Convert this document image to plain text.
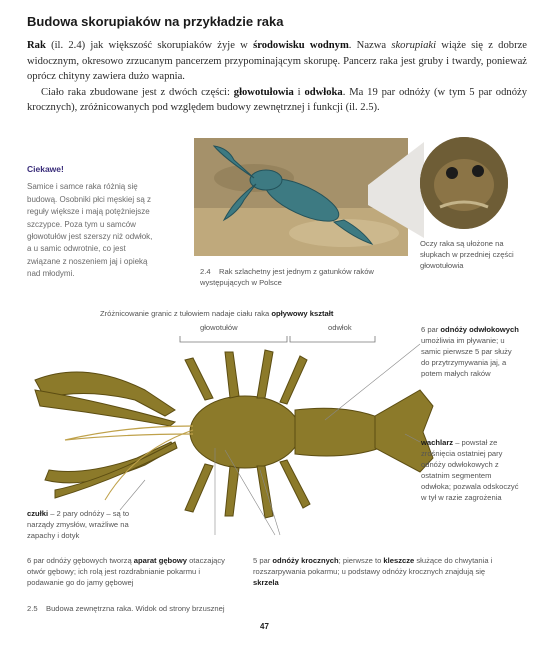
Budowa skorupiaków na przykładzie raka

Rak (il. 2.4) jak większość skorupiaków żyje w środowisku wodnym. Nazwa skorupiaki wiąże się z dobrze widocznym, okresowo zrzucanym pancerzem przypominającym skorupę. Pancerz raka jest gruby i twardy, ponieważ oprócz chityny zawiera dużo wapnia.

Ciało raka zbudowane jest z dwóch części: głowotułowia i odwłoka. Ma 19 par odnóży (w tym 5 par odnóży krocznych), zróżnicowanych pod względem budowy zewnętrznej i funkcji (il. 2.5).

Ciekawe!
Samice i samce raka różnią się budową. Osobniki płci męskiej są z reguły większe i mają potężniejsze szczypce. Poza tym u samców głowotułów jest szerszy niż odwłok, a u samic odwrotnie, co jest związane z noszeniem jaj i opieką nad młodymi.	2.4 Rak szlachetny jest jednym z gatunków raków występujących w Polsce
Oczy raka są ułożone na słupkach w przedniej części głowotułowia
Zróżnicowanie granic z tułowiem nadaje ciału raka opływowy kształt
głowotułów	odwłok	6 par odnóży odwłokowych umożliwia im pływanie; u samic pierwsze 5 par służy do przytrzymywania jaj, a potem małych raków
wachlarz – powstał ze zrośnięcia ostatniej pary odnóży odwłokowych z ostatnim segmentem odwłoka; pozwala odskoczyć w tył w razie zagrożenia
czułki – 2 pary odnóży – są to narządy zmysłów, wrażliwe na zapachy i dotyk
6 par odnóży gębowych tworzą aparat gębowy otaczający otwór gębowy; ich rolą jest rozdrabnianie pokarmu i podawanie go do jamy gębowej
5 par odnóży krocznych; pierwsze to kleszcze służące do chwytania i rozszarpywania pokarmu; u podstawy odnóży krocznych znajdują się skrzela
2.5 Budowa zewnętrzna raka. Widok od strony brzusznej
47
